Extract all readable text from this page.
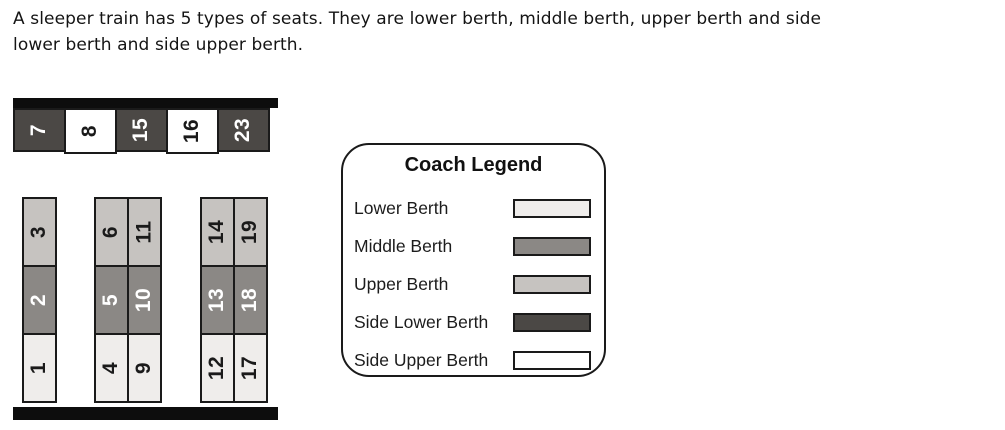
A sleeper train has 5 types of seats. They are lower berth, middle berth, upper berth and side
lower berth and side upper berth.
7 8 15 16 23
3
2
1
6
5
4
11
10
9
14
13
12
19
18
17
Coach Legend
Lower Berth
Middle Berth
Upper Berth
Side Lower Berth
Side Upper Berth
